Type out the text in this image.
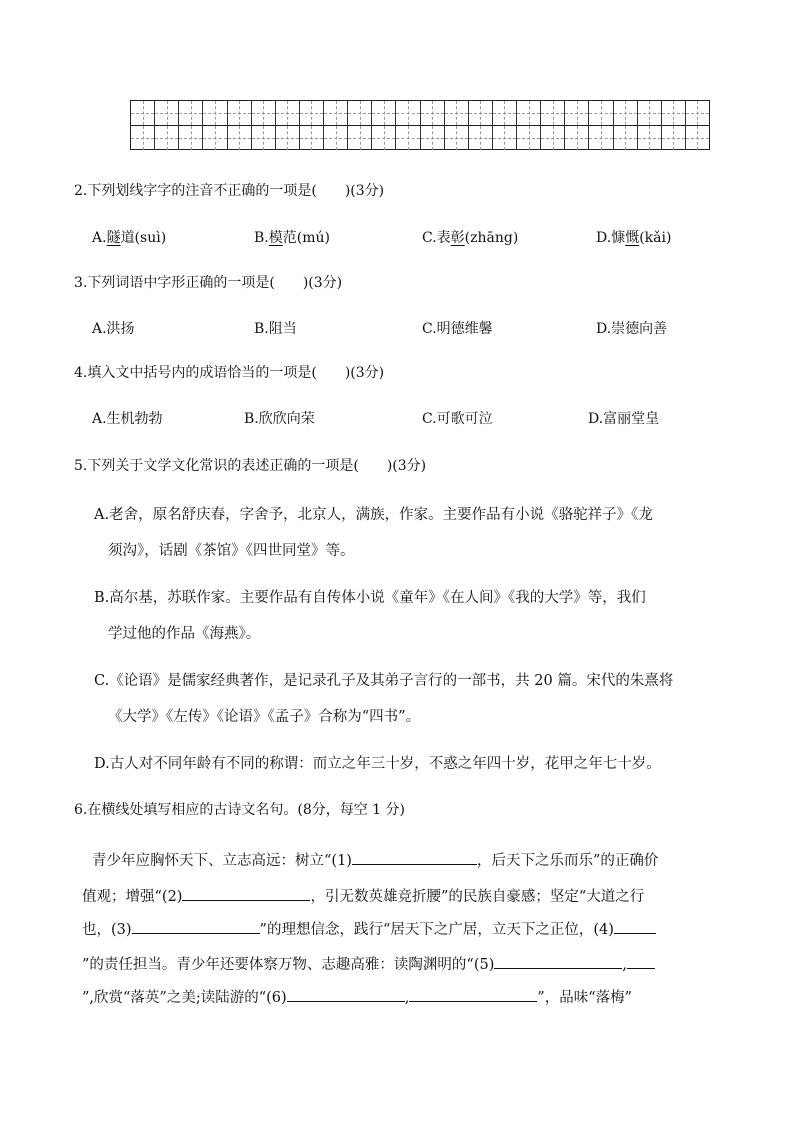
2.下列划线字字的注音不正确的一项是(　　)(3分)
A.隧道(suì)	B.模范(mú)	C.表彰(zhāng)	D.慷慨(kǎi)
3.下列词语中字形正确的一项是(　　)(3分)
A.洪扬	B.阻当	C.明德维馨	D.崇德向善
4.填入文中括号内的成语恰当的一项是(　　)(3分)
A.生机勃勃	B.欣欣向荣	C.可歌可泣	D.富丽堂皇
5.下列关于文学文化常识的表述正确的一项是(　　)(3分)
A.老舍，原名舒庆春，字舍予，北京人，满族，作家。主要作品有小说《骆驼祥子》《龙
须沟》，话剧《茶馆》《四世同堂》等。
B.高尔基，苏联作家。主要作品有自传体小说《童年》《在人间》《我的大学》等，我们
学过他的作品《海燕》。
C.《论语》是儒家经典著作，是记录孔子及其弟子言行的一部书，共 20 篇。宋代的朱熹将
《大学》《左传》《论语》《孟子》合称为“四书”。
D.古人对不同年龄有不同的称谓：而立之年三十岁，不惑之年四十岁，花甲之年七十岁。
6.在横线处填写相应的古诗文名句。(8分，每空 1 分)
青少年应胸怀天下、立志高远：树立“(1)	，后天下之乐而乐”的正确价
值观；增强“(2)	，引无数英雄竞折腰”的民族自豪感；坚定“大道之行
也，(3)	”的理想信念，践行“居天下之广居，立天下之正位，(4)
”的责任担当。青少年还要体察万物、志趣高雅：读陶渊明的“(5)	,
”,欣赏“落英”之美;读陆游的“(6)	,	”，品味“落梅”
